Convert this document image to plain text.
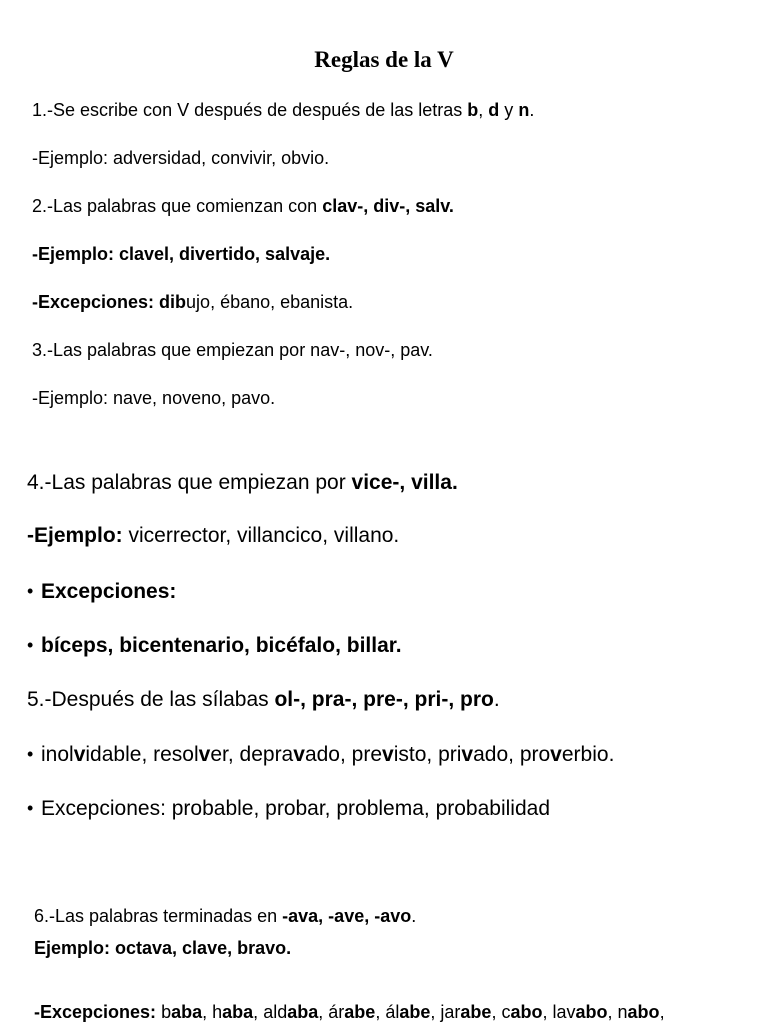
Reglas de la V

1.-Se escribe con V después de después de las letras b, d y n.

-Ejemplo: adversidad, convivir, obvio.

2.-Las palabras que comienzan con clav-, div-, salv.

-Ejemplo: clavel, divertido, salvaje.

-Excepciones: dibujo, ébano, ebanista.

3.-Las palabras que empiezan por nav-, nov-, pav.

-Ejemplo: nave, noveno, pavo.

4.-Las palabras que empiezan por vice-, villa.

-Ejemplo: vicerrector, villancico, villano.

• Excepciones:

• bíceps, bicentenario, bicéfalo, billar.

5.-Después de las sílabas ol-, pra-, pre-, pri-, pro.

• inolvidable, resolver, depravado, previsto, privado, proverbio.

• Excepciones: probable, probar, problema, probabilidad

6.-Las palabras terminadas en -ava, -ave, -avo.

Ejemplo: octava, clave, bravo.

-Excepciones: baba, haba, aldaba, árabe, álabe, jarabe, cabo, lavabo, nabo,
